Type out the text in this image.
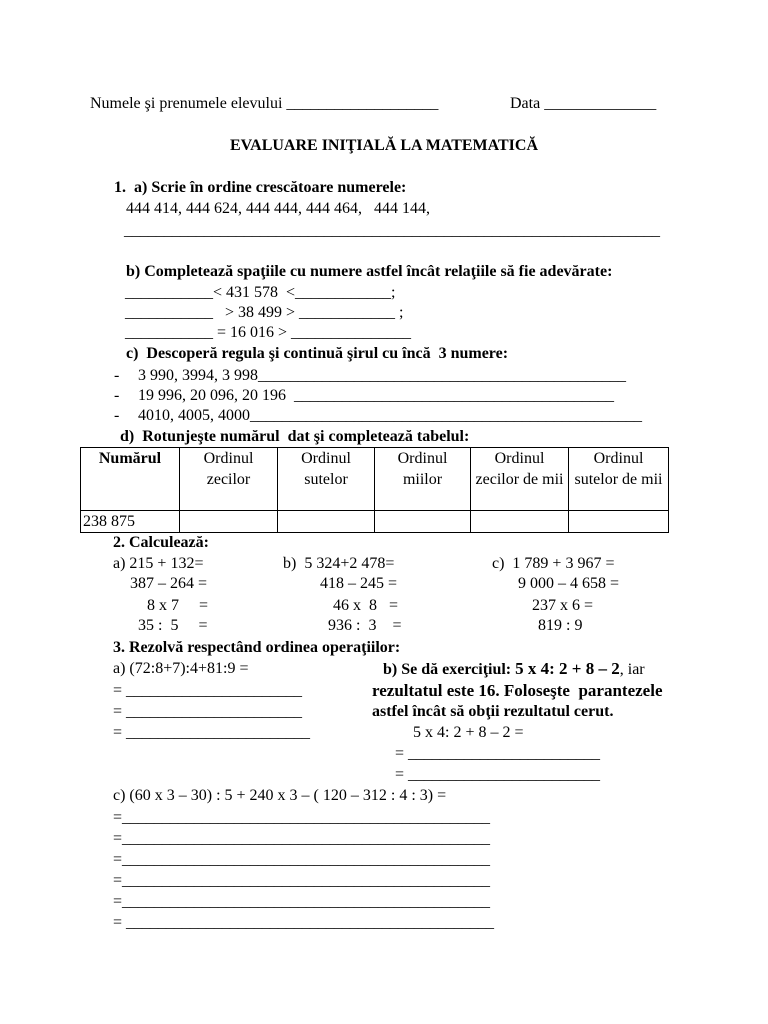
Numele şi prenumele elevului ___________________	Data ______________
EVALUARE INIŢIALĂ LA MATEMATICĂ
1.  a) Scrie în ordine crescătoare numerele:
444 414, 444 624, 444 444, 444 464,   444 144,
___________________________________________________________________
b) Completează spaţiile cu numere astfel încât relaţiile să fie adevărate:
___________< 431 578  <____________;
___________   > 38 499 > ____________ ;
___________ = 16 016 > _______________
c)  Descoperă regula şi continuă şirul cu încă  3 numere:
- 3 990, 3994, 3 998______________________________________________
- 19 996, 20 096, 20 196  ________________________________________
- 4010, 4005, 4000_________________________________________________
d)  Rotunjeşte numărul  dat şi completează tabelul:
Numărul	Ordinul zecilor	Ordinul sutelor	Ordinul miilor	Ordinul zecilor de mii	Ordinul sutelor de mii
238 875					
2. Calculează:
a) 215 + 132=
387 – 264 =
8 x 7     =
35 :  5     =
b)  5 324+2 478=
418 – 245 =
46 x  8   =
936 :  3    =
c)  1 789 + 3 967 =
9 000 – 4 658 =
237 x 6 =
819 : 9
3. Rezolvă respectând ordinea operaţiilor:
a) (72:8+7):4+81:9 =
= ______________________
= ______________________
= _______________________
b) Se dă exerciţiul: 5 x 4: 2 + 8 – 2, iar
rezultatul este 16. Foloseşte  parantezele
astfel încât să obţii rezultatul cerut.
5 x 4: 2 + 8 – 2 =
= ________________________
= ________________________
c) (60 x 3 – 30) : 5 + 240 x 3 – ( 120 – 312 : 4 : 3) =
=______________________________________________
=______________________________________________
=______________________________________________
=______________________________________________
=______________________________________________
= ______________________________________________
